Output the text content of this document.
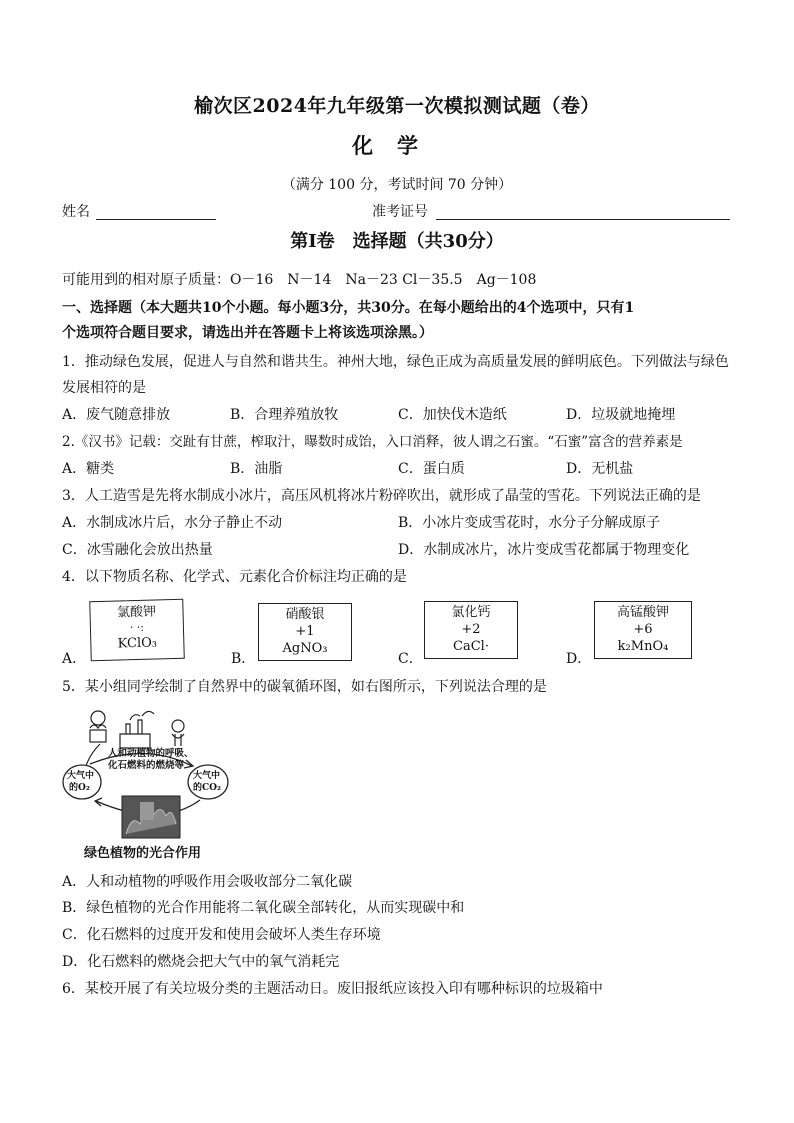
榆次区2024年九年级第一次模拟测试题（卷）
化学
（满分 100 分，考试时间 70 分钟）
姓名	准考证号
第Ⅰ卷　选择题（共30分）
可能用到的相对原子质量：O－16　N－14　Na－23 Cl－35.5　Ag－108
一、选择题（本大题共10个小题。每小题3分，共30分。在每小题给出的4个选项中，只有1
个选项符合题目要求，请选出并在答题卡上将该选项涂黑。）
1．推动绿色发展，促进人与自然和谐共生。神州大地，绿色正成为高质量发展的鲜明底色。下列做法与绿色
发展相符的是
A．废气随意排放	B．合理养殖放牧	C．加快伐木造纸	D．垃圾就地掩埋
2.《汉书》记载：交趾有甘蔗，榨取汁，曝数时成饴，入口消释，彼人谓之石蜜。“石蜜”富含的营养素是
A．糖类	B．油脂	C．蛋白质	D．无机盐
3．人工造雪是先将水制成小冰片，高压风机将冰片粉碎吹出，就形成了晶莹的雪花。下列说法正确的是
A．水制成冰片后，水分子静止不动	B．小冰片变成雪花时，水分子分解成原子
C．冰雪融化会放出热量	D．水制成冰片，冰片变成雪花都属于物理变化
4．以下物质名称、化学式、元素化合价标注均正确的是
A．
氯酸钾
· ·:
KClO₃
B．
硝酸银
+1
AgNO₃
C．
氯化钙
+2
CaCl·
D．
高锰酸钾
+6
k₂MnO₄
5．某小组同学绘制了自然界中的碳氧循环图，如右图所示，下列说法合理的是
人和动植物的呼吸、
化石燃料的燃烧等
大气中
的O₂
大气中
的CO₂
绿色植物的光合作用
A．人和动植物的呼吸作用会吸收部分二氧化碳
B．绿色植物的光合作用能将二氧化碳全部转化，从而实现碳中和
C．化石燃料的过度开发和使用会破坏人类生存环境
D．化石燃料的燃烧会把大气中的氧气消耗完
6．某校开展了有关垃圾分类的主题活动日。废旧报纸应该投入印有哪种标识的垃圾箱中
